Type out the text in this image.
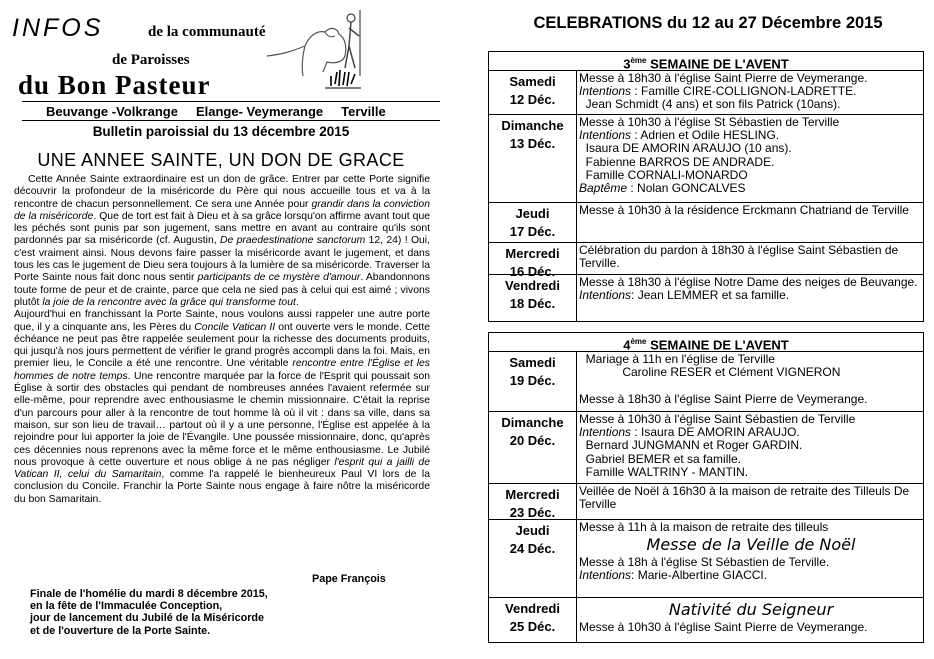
INFOS	de la communauté
de Paroisses
du Bon Pasteur
Beuvange -Volkrange Elange- Veymerange Terville
Bulletin paroissial du 13 décembre 2015
UNE ANNEE SAINTE, UN DON DE GRACE

Cette Année Sainte extraordinaire est un don de grâce. Entrer par cette Porte signifie découvrir la profondeur de la miséricorde du Père qui nous accueille tous et va à la rencontre de chacun personnellement. Ce sera une Année pour grandir dans la conviction de la miséricorde. Que de tort est fait à Dieu et à sa grâce lorsqu'on affirme avant tout que les péchés sont punis par son jugement, sans mettre en avant au contraire qu'ils sont pardonnés par sa miséricorde (cf. Augustin, De praedestinatione sanctorum 12, 24) ! Oui, c'est vraiment ainsi. Nous devons faire passer la miséricorde avant le jugement, et dans tous les cas le jugement de Dieu sera toujours à la lumière de sa miséricorde. Traverser la Porte Sainte nous fait donc nous sentir participants de ce mystère d'amour. Abandonnons toute forme de peur et de crainte, parce que cela ne sied pas à celui qui est aimé ; vivons plutôt la joie de la rencontre avec la grâce qui transforme tout.

Aujourd'hui en franchissant la Porte Sainte, nous voulons aussi rappeler une autre porte que, il y a cinquante ans, les Pères du Concile Vatican II ont ouverte vers le monde. Cette échéance ne peut pas être rappelée seulement pour la richesse des documents produits, qui jusqu'à nos jours permettent de vérifier le grand progrès accompli dans la foi. Mais, en premier lieu, le Concile a été une rencontre. Une véritable rencontre entre l'Église et les hommes de notre temps. Une rencontre marquée par la force de l'Esprit qui poussait son Église à sortir des obstacles qui pendant de nombreuses années l'avaient refermée sur elle-même, pour reprendre avec enthousiasme le chemin missionnaire. C'était la reprise d'un parcours pour aller à la rencontre de tout homme là où il vit : dans sa ville, dans sa maison, sur son lieu de travail… partout où il y a une personne, l'Église est appelée à la rejoindre pour lui apporter la joie de l'Évangile. Une poussée missionnaire, donc, qu'après ces décennies nous reprenons avec la même force et le même enthousiasme. Le Jubilé nous provoque à cette ouverture et nous oblige à ne pas négliger l'esprit qui a jailli de Vatican II, celui du Samaritain, comme l'a rappelé le bienheureux Paul VI lors de la conclusion du Concile. Franchir la Porte Sainte nous engage à faire nôtre la miséricorde du bon Samaritain.

Pape François
Finale de l'homélie du mardi 8 décembre 2015,
en la fête de l'Immaculée Conception,
jour de lancement du Jubilé de la Miséricorde
et de l'ouverture de la Porte Sainte.
CELEBRATIONS du 12 au 27 Décembre 2015
3ème SEMAINE DE L'AVENT
Samedi
12 Déc.
Messe à 18h30 à l'église Saint Pierre de Veymerange.
Intentions : Famille CIRE-COLLIGNON-LADRETTE.
Jean Schmidt (4 ans) et son fils Patrick (10ans).
Dimanche
13 Déc.
Messe à 10h30 à l'église St Sébastien de Terville
Intentions : Adrien et Odile HESLING.
Isaura DE AMORIN ARAUJO (10 ans).
Fabienne BARROS DE ANDRADE.
Famille CORNALI-MONARDO
Baptême : Nolan GONCALVES
Jeudi
17 Déc.
Messe à 10h30 à la résidence Erckmann Chatriand de Terville
Mercredi
16 Déc.
Célébration du pardon à 18h30 à l'église Saint Sébastien de Terville.
Vendredi
18 Déc.
Messe à 18h30 à l'église Notre Dame des neiges de Beuvange.
Intentions: Jean LEMMER et sa famille.
4ème SEMAINE DE L'AVENT
Samedi
19 Déc.
Mariage à 11h en l'église de Terville
Caroline RESER et Clément VIGNERON

Messe à 18h30 à l'église Saint Pierre de Veymerange.
Dimanche
20 Déc.
Messe à 10h30 à l'église Saint Sébastien de Terville
Intentions : Isaura DE AMORIN ARAUJO.
Bernard JUNGMANN et Roger GARDIN.
Gabriel BEMER et sa famille.
Famille WALTRINY - MANTIN.
Mercredi
23 Déc.
Veillée de Noël à 16h30 à la maison de retraite des Tilleuls De Terville
Jeudi
24 Déc.
Messe à 11h à la maison de retraite des tilleuls
Messe de la Veille de Noël
Messe à 18h à l'église St Sébastien de Terville.
Intentions: Marie-Albertine GIACCI.
Vendredi
25 Déc.
Nativité du Seigneur
Messe à 10h30 à l'église Saint Pierre de Veymerange.
